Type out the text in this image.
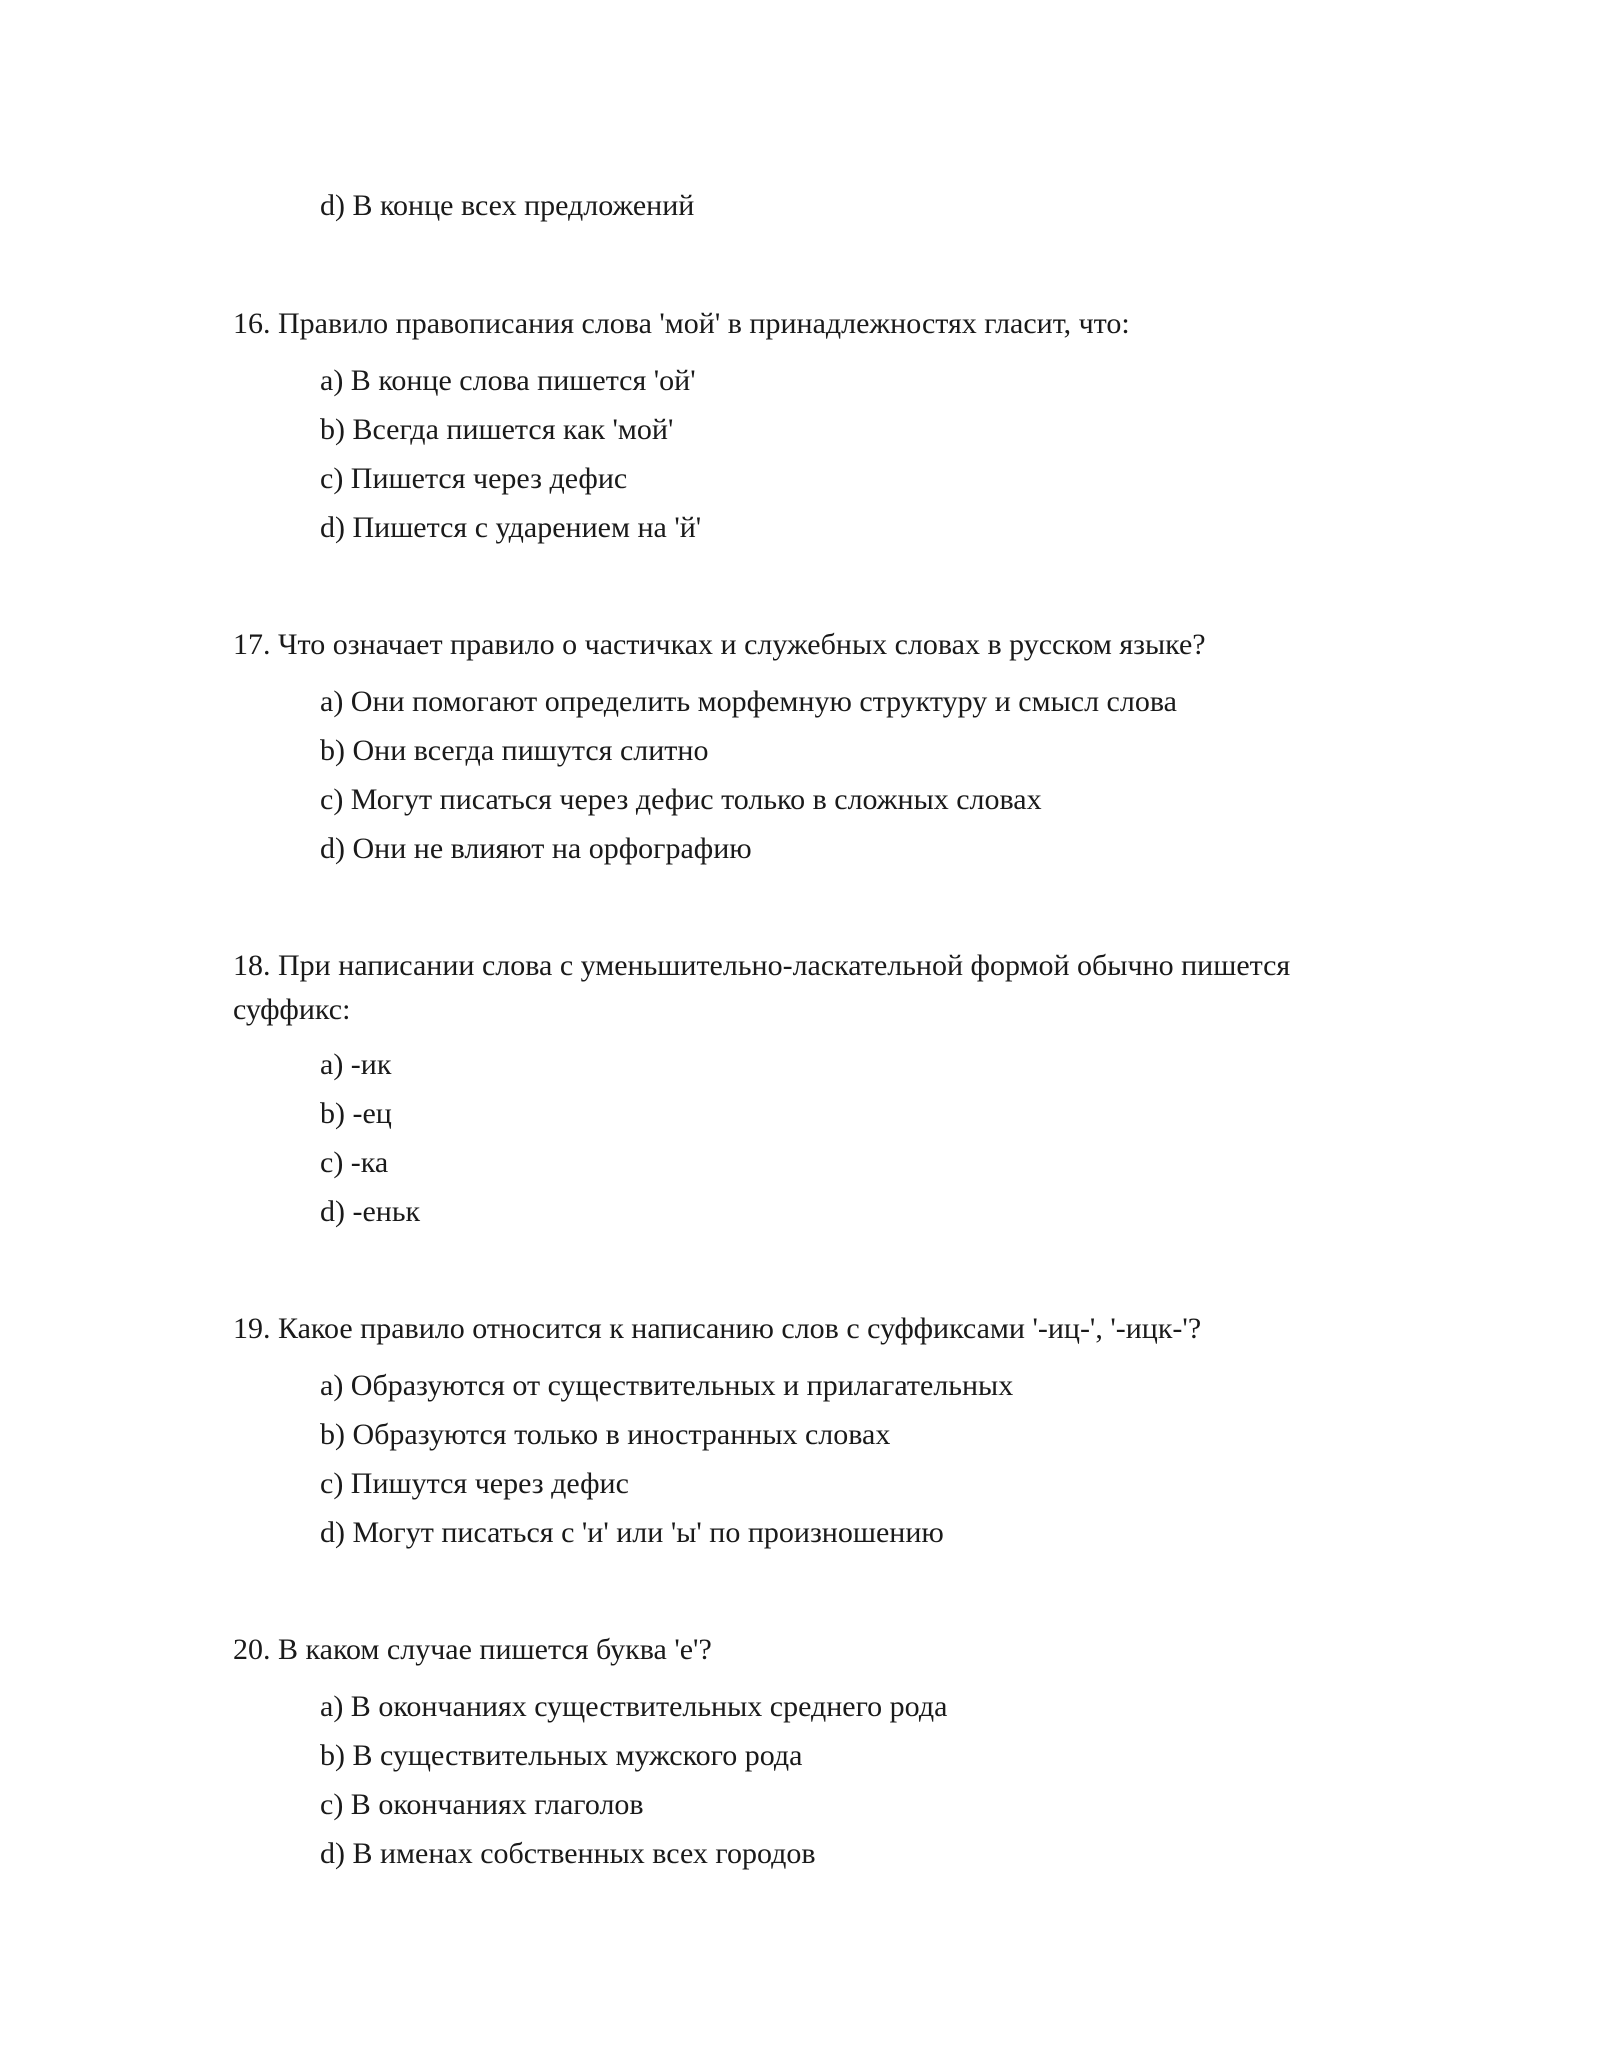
d) В конце всех предложений
16. Правило правописания слова 'мой' в принадлежностях гласит, что:
a) В конце слова пишется 'ой'
b) Всегда пишется как 'мой'
c) Пишется через дефис
d) Пишется с ударением на 'й'
17. Что означает правило о частичках и служебных словах в русском языке?
a) Они помогают определить морфемную структуру и смысл слова
b) Они всегда пишутся слитно
c) Могут писаться через дефис только в сложных словах
d) Они не влияют на орфографию
18. При написании слова с уменьшительно-ласкательной формой обычно пишется суффикс:
a) -ик
b) -ец
c) -ка
d) -еньк
19. Какое правило относится к написанию слов с суффиксами '-иц-', '-ицк-'?
a) Образуются от существительных и прилагательных
b) Образуются только в иностранных словах
c) Пишутся через дефис
d) Могут писаться с 'и' или 'ы' по произношению
20. В каком случае пишется буква 'е'?
a) В окончаниях существительных среднего рода
b) В существительных мужского рода
c) В окончаниях глаголов
d) В именах собственных всех городов
